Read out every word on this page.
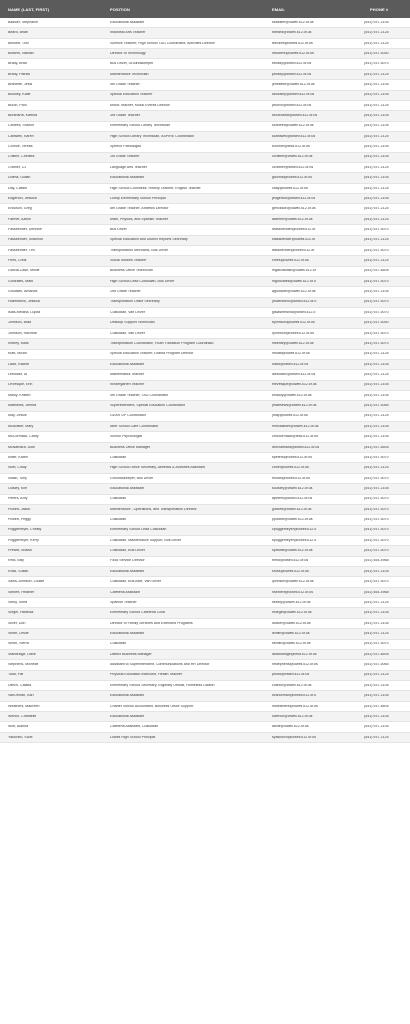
NAME (LAST, FIRST)	POSITION	EMAIL	PHONE #
Bassler, Stephanie	Educational Assistant	sbassler@lowell.k12.or.us	(541) 937-2105
Beard, Brian	Industrial Arts Teacher	bbeard@lowell.k12.or.us	(541) 937-2124
Beckett, Toni	Science Teacher, High School TAG Coordinator, Activities Director	tbeckett@lowell.k12.or.us	(541) 937-2124
Bowers, Nathan	Director of Technology	nbowers@lowell.k12.or.us	(541) 937-5040
Brady, Brad	Bus Driver, Groundskeeper	bbrady@lowell.k12.or.us	(541) 937-5070
Brady, Patrick	Maintenance Technician	pbrady@lowell.k12.or.us	(541) 937-2124
Brissette, Jessi	5th Grade Teacher	jbrissette@lowell.k12.or.us	(541) 937-2105
Buckley, Katie	Special Education Teacher	kbuckley@lowell.k12.or.us	(541) 937-2105
Burch, Paul	Music Teacher, Music Events Director	pburch@lowell.k12.or.us	(541) 937-2124
Burkhardt, Katrina	3rd Grade Teacher	kburkhardt@lowell.k12.or.us	(541) 937-2105
Cantrell, Sharon	Elementary School Library Technician	scantrell@lowell.k12.or.us	(541) 937-2105
Cardwell, Karen	High School Library Technician, ASPIRE Coordinator	kcardwell@lowell.k12.or.us	(541) 937-2124
Conroe, Teresa	Speech Pathologist	tconroe@lesd.k12.or.us	(541) 937-2105
Chittim, Chelsea	1st Grade Teacher	cchittim@lowell.k12.or.us	(541) 937-2105
Cramer, CJ	Language Arts Teacher	ccramer@lowell.k12.or.us	(541) 937-2124
Dolma, Gillian	Educational Assistant	gdolma@lowell.k12.or.us	(541) 937-2105
Day, Cassie	High School Counselor, History Teacher, English Teacher	cday@lowell.k12.or.us	(541) 937-2124
Edgerton, Jessica	Lundy Elementary School Principal	jedgerton@lowell.k12.or.us	(541) 937-2105
Erickson, Greg	6th Grade Teacher, Athletics Director	gerickson@lowell.k12.or.us	(541) 937-2124
Farmer, Aaron	Math, Physics, and Spanish Teacher	afarmer@lowell.k12.or.us	(541) 937-2124
Fassbender, Dennise	Bus Driver	dfassbender@lowell.k12.or	(541) 937-5070
Fassbender, Shannon	Special Education and District Reports Secretary	sfassbender@lowell.k12.or	(541) 937-2124
Fassbender, Tim	Transportation Mechanic, Bus Driver	tfassbender@lowell.k12.or	(541) 937-5070
Fries, Chris	Social Studies Teacher	cfries@lowell.k12.or.us	(541) 937-2124
Garcia-Cash, Mollie	Business Office Technician	mgarciacash@lowell.k12.or	(541) 937-8405
Gonzales, Mark	High School Lead Custodian, Bus Driver	mgonzales@lowell.k12.or.u	(541) 937-5070
Goodwin, Amanda	2nd Grade Teacher	agoodwin@lowell.k12.or.us	(541) 937-2105
Hollenbeck, Jessica	Transportation Office Secretary	jhollenbeck@lowell.k12.or.u	(541) 937-5070
Islas-Medina, Lupita	Custodian, Van Driver	gislasmedina@lowell.k12.o	(541) 937-5070
Johnson, Brad	Desktop Support Technician	bjohnson@lowell.k12.or.us	(541) 937-5040
Johnson, Racheal	Custodian, Van Driver	rjohnson@lowell.k12.or.us	(541) 937-5070
Kettley, Mark	Transportation Coordinator, Youth Transition Program Coordinato	mkettley@lowell.k12.or.us	(541) 937-5070
Klatt, Micah	Special Education Teacher, Drama Program Director	mklatt@lowell.k12.or.us	(541) 937-2124
Ladd, Rachel	Educational Assistant	rladd@lowell.k12.or.us	(541) 937-2105
Lebowitz, Al	Mathematics Teacher	alebowitz@lowell.k12.or.us	(541) 937-2124
LeVesque, Erin	Kindergarten Teacher	elevesque@lowell.k12.or.us	(541) 937-2105
Maloy, Kristen	4th Grade Teacher, TAG Coordinator	kmaloy@lowell.k12.or.us	(541) 937-2105
Matthews, Jehrita	Superintendent, Special Education Coordinator	jmatthews@lowell.k12.or.us	(541) 937-5065
May, Jessie	GEAR UP Coordinator	jmay@lowell.k12.or.us	(541) 937-2124
McAllister, Mary	After School Care Coordinator	mmcallister@lowell.k12.or.us	(541) 937-2105
McCormack, Cathy	School Psychologist	cmccormack@lesd.k12.or.us	(541) 937-2105
McNamara, Dobi	Business Office Manager	dmcnamara@lowell.k12.or.us	(541) 937-8405
Miller, Karen	Custodian	kpeters@lowell.k12.or.us	(541) 937-5070
Noel, Cindy	High School Office Secretary, Athletics & Activities Assistant	cnoel@lowell.k12.or.us	(541) 937-2124
Nolan, Tony	Groundskeeper, Bus Driver	tnolan@lowell.k12.or.us	(541) 937-5070
Ousley, Kim	Educational Assistant	kousley@lowell.k12.or.us	(541) 937-2105
Peters, Amy	Custodian	apeters@lowell.k12.or.us	(541) 937-5070
Pickett, Jason	Maintenance , Operations, and Transportation Director	jpickett@lowell.k12.or.us	(541) 937-5070
Pickett, Peggy	Custodian	ppickett@lowell.k12.or.us	(541) 937-5070
Poggemeyer, Christy	Elementary School Lead Custodian	cpoggemeyer@lowell.k12.o	(541) 937-5070
Poggemeyer, Kerry	Custodian, Maintenance Support, Bus Driver	kpoggemeyer@lowell.k12.o	(541) 937-5070
Prewitt, Shawn	Custodian, Bus Driver	sprewitt@lowell.k12.or.us	(541) 937-5070
Reid, Billy	Food Service Director	breid@lowell.k12.or.us	(541) 554-4968
Ross, Susan	Educational Assistant	sross@lowell.k12.or.us	(541) 937-2105
Saxis-Johnson, Louise	Custodian, Bus Aide, Van Driver	ljohnson@lowell.k12.or.us	(541) 937-5070
Seibert, Heather	Cafeteria Assistant	hseibert@lowell.k12.or.us	(541) 554-4968
Selby, Shea	Spanish Teacher	sselby@lowell.k12.or.us	(541) 937-2124
Siegel, Harlinda	Elementary School Cafeteria Cook	hsiegel@lowell.k12.or.us	(541) 937-2105
Silver, Dori	Director of Family Services and Extended Programs	dsilver@lowell.k12.or.us	(541) 937-2105
Smith, Leslie	Educational Assistant	lsmith@lowell.k12.or.us	(541) 937-2124
Smith, Sierra	Custodian	ssmith@lowell.k12.or.us	(541) 937-5070
Standridge, Dave	District Business Manager	dstandridge@lesd.k12.or.us	(541) 937-8405
Stephens, Michelle	Assistant to Superintendent, Communications and HR Director	mstephens@lowell.k12.or.us	(541) 937-5065
Todd, Pat	Physical Education Instructor, Health Teacher	ptodd@lowell.k12.or.us	(541) 937-2124
Ullrich, Calatia	Elementary School Secretary, Eligibility Official, Homeless Liaison	cullrich@lowell.k12.or.us	(541) 937-2105
VanOrman, Kari	Educational Assistant	kvanorman@lowell.k12.or.u	(541) 937-2105
Weathers, Maureen	Charter School Accountant, Business Office Support	mweathers@lowell.k12.or.us	(541) 937-8405
Wench, Chantelle	Educational Assistant	cwench@lowell.k12.or.us	(541) 937-2105
Wolf, Alanna	Cafeteria Assistant, Custodian	awolf@lowell.k12.or.us	(541) 937-2105
Yakovich, Scott	Lowell High School Principal	syakovich@lowell.k12.or.us	(541) 937-2124
